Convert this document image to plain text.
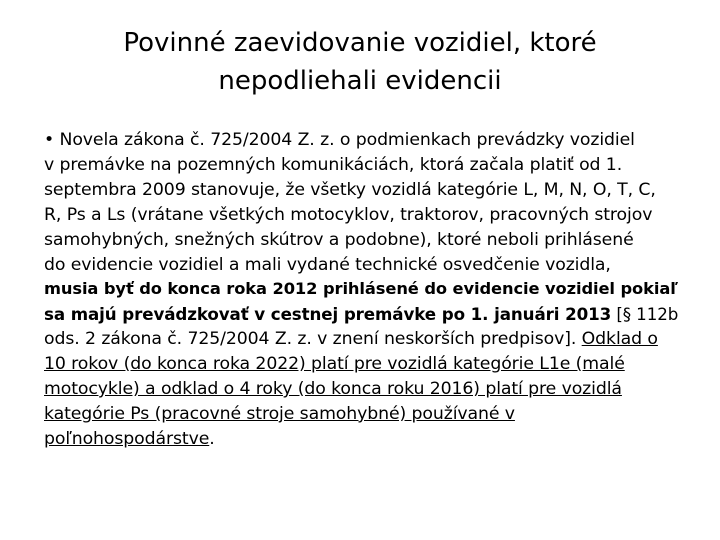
Povinné zaevidovanie vozidiel, ktoré
nepodliehali evidencii
• Novela zákona č. 725/2004 Z. z. o podmienkach prevádzky vozidiel
v premávke na pozemných komunikáciách, ktorá začala platiť od 1.
septembra 2009 stanovuje, že všetky vozidlá kategórie L, M, N, O, T, C,
R, Ps a Ls (vrátane všetkých motocyklov, traktorov, pracovných strojov
samohybných, snežných skútrov a podobne), ktoré neboli prihlásené
do evidencie vozidiel a mali vydané technické osvedčenie vozidla,
musia byť do konca roka 2012 prihlásené do evidencie vozidiel pokiaľ
sa majú prevádzkovať v cestnej premávke po 1. januári 2013 [§ 112b
ods. 2 zákona č. 725/2004 Z. z. v znení neskorších predpisov]. Odklad o
10 rokov (do konca roka 2022) platí pre vozidlá kategórie L1e (malé
motocykle) a odklad o 4 roky (do konca roku 2016) platí pre vozidlá
kategórie Ps (pracovné stroje samohybné) používané v
poľnohospodárstve.
